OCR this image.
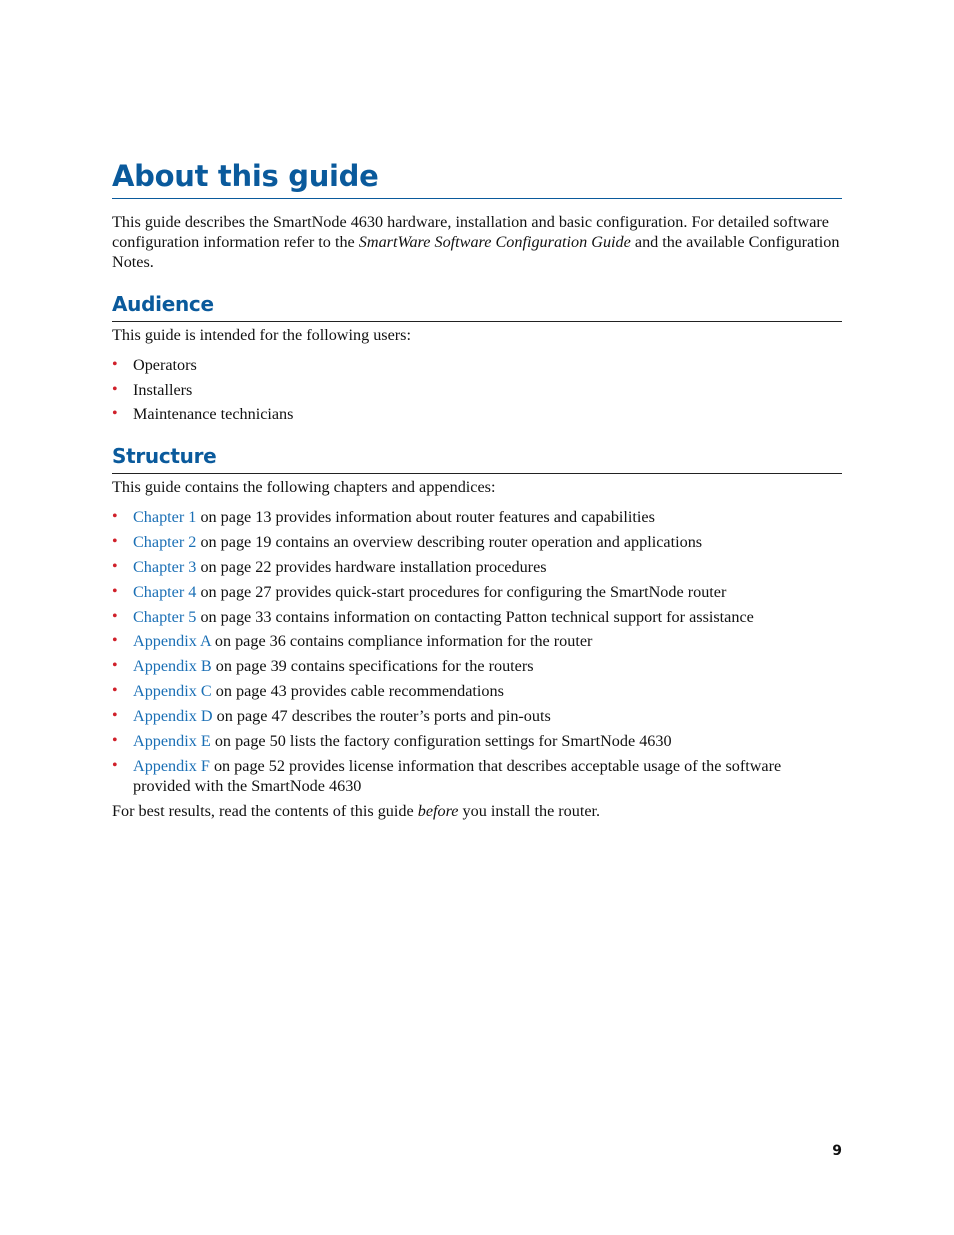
About this guide
This guide describes the SmartNode 4630 hardware, installation and basic configuration. For detailed software configuration information refer to the SmartWare Software Configuration Guide and the available Configuration Notes.
Audience
This guide is intended for the following users:
• Operators
• Installers
• Maintenance technicians
Structure
This guide contains the following chapters and appendices:
• Chapter 1 on page 13 provides information about router features and capabilities
• Chapter 2 on page 19 contains an overview describing router operation and applications
• Chapter 3 on page 22 provides hardware installation procedures
• Chapter 4 on page 27 provides quick-start procedures for configuring the SmartNode router
• Chapter 5 on page 33 contains information on contacting Patton technical support for assistance
• Appendix A on page 36 contains compliance information for the router
• Appendix B on page 39 contains specifications for the routers
• Appendix C on page 43 provides cable recommendations
• Appendix D on page 47 describes the router’s ports and pin-outs
• Appendix E on page 50 lists the factory configuration settings for SmartNode 4630
• Appendix F on page 52 provides license information that describes acceptable usage of the software provided with the SmartNode 4630
For best results, read the contents of this guide before you install the router.
9
